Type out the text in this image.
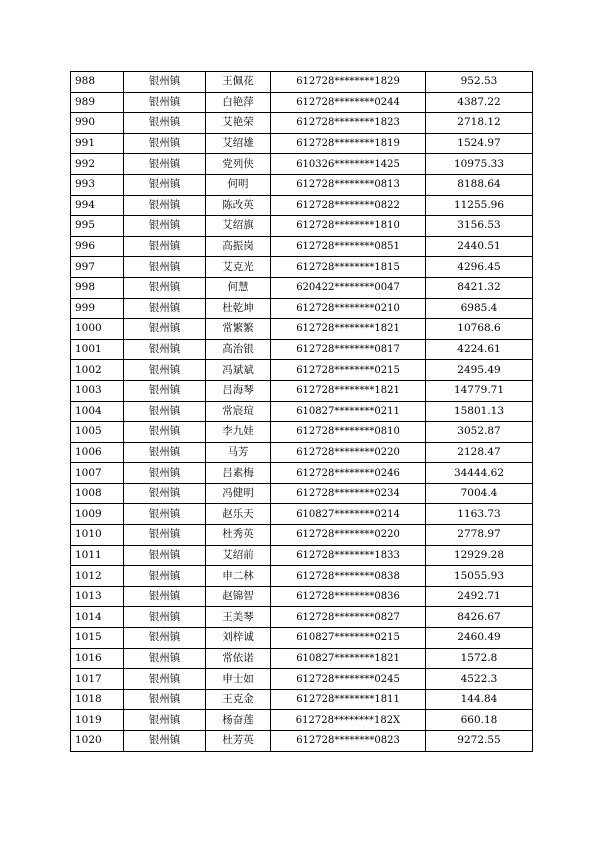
988	银州镇	王佩花	612728********1829	952.53
989	银州镇	白艳萍	612728********0244	4387.22
990	银州镇	艾艳荣	612728********1823	2718.12
991	银州镇	艾绍雄	612728********1819	1524.97
992	银州镇	党列侠	610326********1425	10975.33
993	银州镇	何明	612728********0813	8188.64
994	银州镇	陈改英	612728********0822	11255.96
995	银州镇	艾绍旗	612728********1810	3156.53
996	银州镇	高振岗	612728********0851	2440.51
997	银州镇	艾克光	612728********1815	4296.45
998	银州镇	何慧	620422********0047	8421.32
999	银州镇	杜乾坤	612728********0210	6985.4
1000	银州镇	常繁繁	612728********1821	10768.6
1001	银州镇	高治银	612728********0817	4224.61
1002	银州镇	冯斌斌	612728********0215	2495.49
1003	银州镇	吕海琴	612728********1821	14779.71
1004	银州镇	常宸瑄	610827********0211	15801.13
1005	银州镇	李九娃	612728********0810	3052.87
1006	银州镇	马芳	612728********0220	2128.47
1007	银州镇	吕素梅	612728********0246	34444.62
1008	银州镇	冯健明	612728********0234	7004.4
1009	银州镇	赵乐天	610827********0214	1163.73
1010	银州镇	杜秀英	612728********0220	2778.97
1011	银州镇	艾绍前	612728********1833	12929.28
1012	银州镇	申二林	612728********0838	15055.93
1013	银州镇	赵锦智	612728********0836	2492.71
1014	银州镇	王美琴	612728********0827	8426.67
1015	银州镇	刘梓诚	610827********0215	2460.49
1016	银州镇	常依诺	610827********1821	1572.8
1017	银州镇	申士如	612728********0245	4522.3
1018	银州镇	王克金	612728********1811	144.84
1019	银州镇	杨奋莲	612728********182X	660.18
1020	银州镇	杜芳英	612728********0823	9272.55
